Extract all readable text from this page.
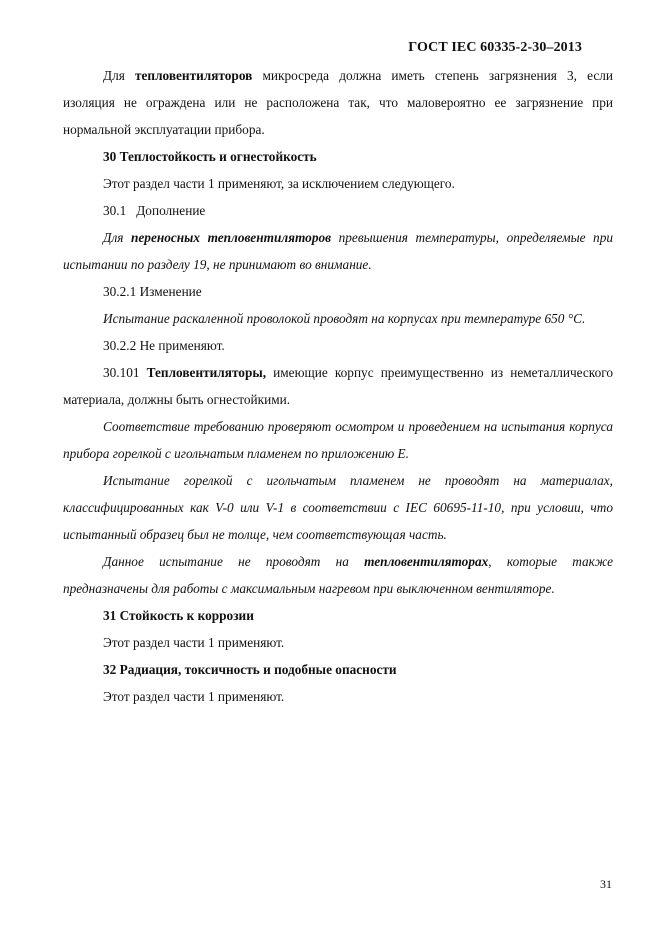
ГОСТ IEC 60335-2-30–2013

Для тепловентиляторов микросреда должна иметь степень загрязнения 3, если изоляция не ограждена или не расположена так, что маловероятно ее загрязнение при нормальной эксплуатации прибора.

30 Теплостойкость и огнестойкость

Этот раздел части 1 применяют, за исключением следующего.

30.1   Дополнение

Для переносных тепловентиляторов превышения температуры, определяемые при испытании по разделу 19, не принимают во внимание.

30.2.1 Изменение

Испытание раскаленной проволокой проводят на корпусах при температуре 650 °С.

30.2.2 Не применяют.

30.101 Тепловентиляторы, имеющие корпус преимущественно из неметаллического материала, должны быть огнестойкими.

Соответствие требованию проверяют осмотром и проведением на испытания корпуса прибора горелкой с игольчатым пламенем по приложению Е.

Испытание горелкой с игольчатым пламенем не проводят на материалах, классифицированных как V-0 или V-1 в соответствии с IEC 60695-11-10, при условии, что испытанный образец был не толще, чем соответствующая часть.

Данное испытание не проводят на тепловентиляторах, которые также предназначены для работы с максимальным нагревом при выключенном вентиляторе.

31 Стойкость к коррозии

Этот раздел части 1 применяют.

32 Радиация, токсичность и подобные опасности

Этот раздел части 1 применяют.

31
